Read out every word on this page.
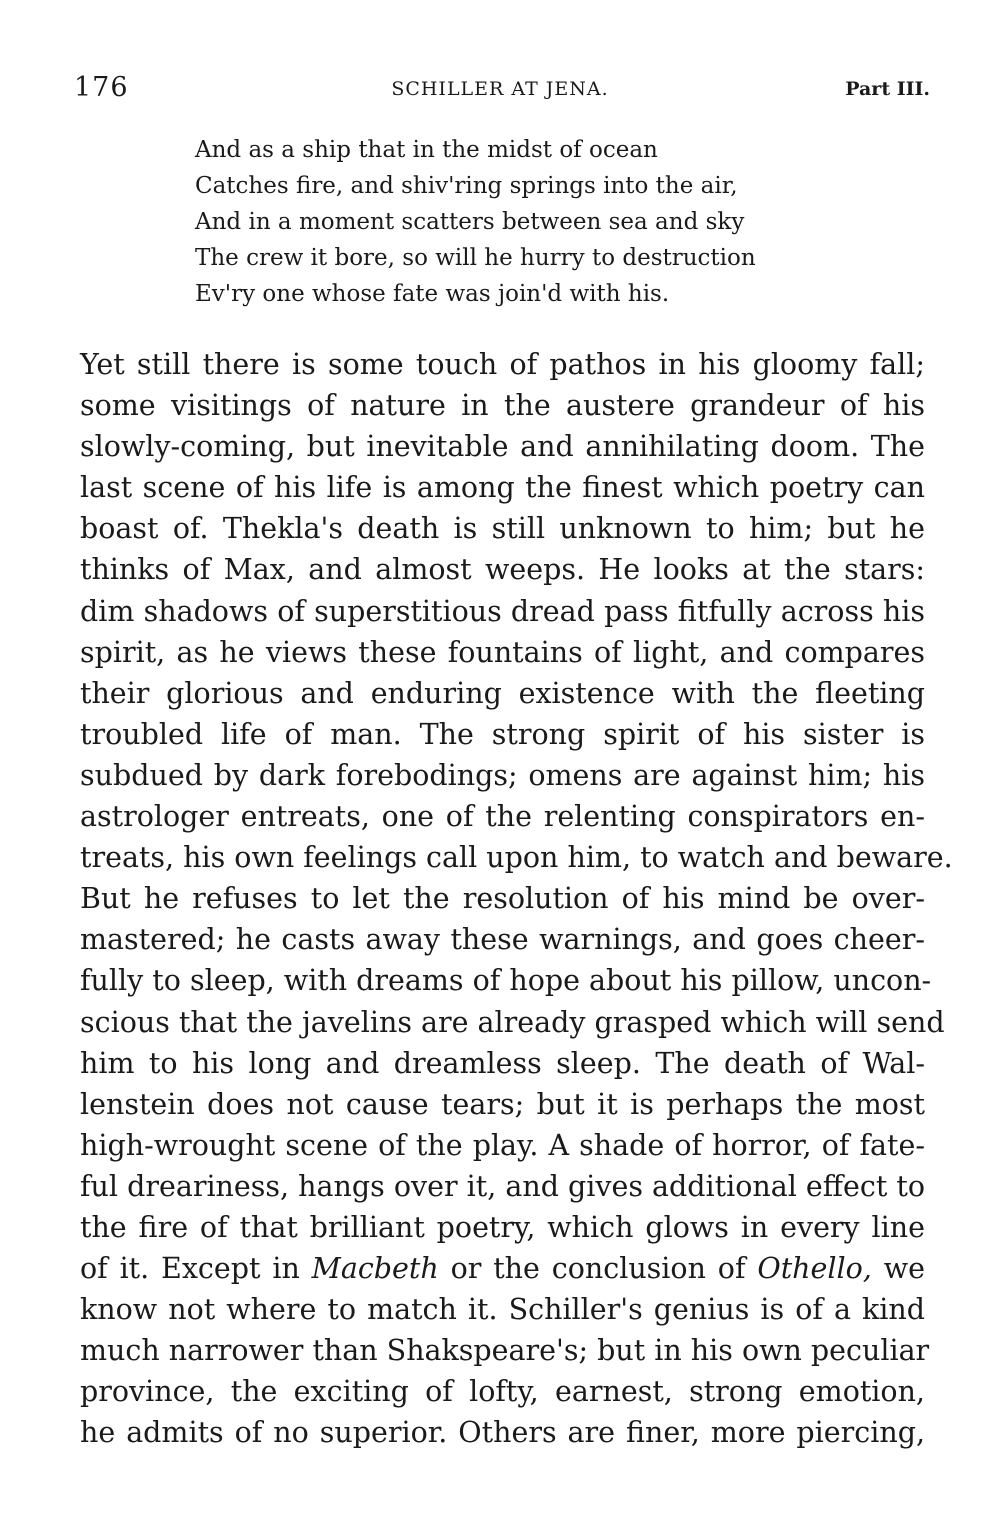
176	SCHILLER AT JENA.	Part III.
And as a ship that in the midst of ocean
Catches fire, and shiv'ring springs into the air,
And in a moment scatters between sea and sky
The crew it bore, so will he hurry to destruction
Ev'ry one whose fate was join'd with his.
Yet still there is some touch of pathos in his gloomy fall;
some visitings of nature in the austere grandeur of his
slowly-coming, but inevitable and annihilating doom. The
last scene of his life is among the finest which poetry can
boast of. Thekla's death is still unknown to him; but he
thinks of Max, and almost weeps. He looks at the stars:
dim shadows of superstitious dread pass fitfully across his
spirit, as he views these fountains of light, and compares
their glorious and enduring existence with the fleeting
troubled life of man. The strong spirit of his sister is
subdued by dark forebodings; omens are against him; his
astrologer entreats, one of the relenting conspirators en-
treats, his own feelings call upon him, to watch and beware.
But he refuses to let the resolution of his mind be over-
mastered; he casts away these warnings, and goes cheer-
fully to sleep, with dreams of hope about his pillow, uncon-
scious that the javelins are already grasped which will send
him to his long and dreamless sleep. The death of Wal-
lenstein does not cause tears; but it is perhaps the most
high-wrought scene of the play. A shade of horror, of fate-
ful dreariness, hangs over it, and gives additional effect to
the fire of that brilliant poetry, which glows in every line
of it. Except in Macbeth or the conclusion of Othello, we
know not where to match it. Schiller's genius is of a kind
much narrower than Shakspeare's; but in his own peculiar
province, the exciting of lofty, earnest, strong emotion,
he admits of no superior. Others are finer, more piercing,
